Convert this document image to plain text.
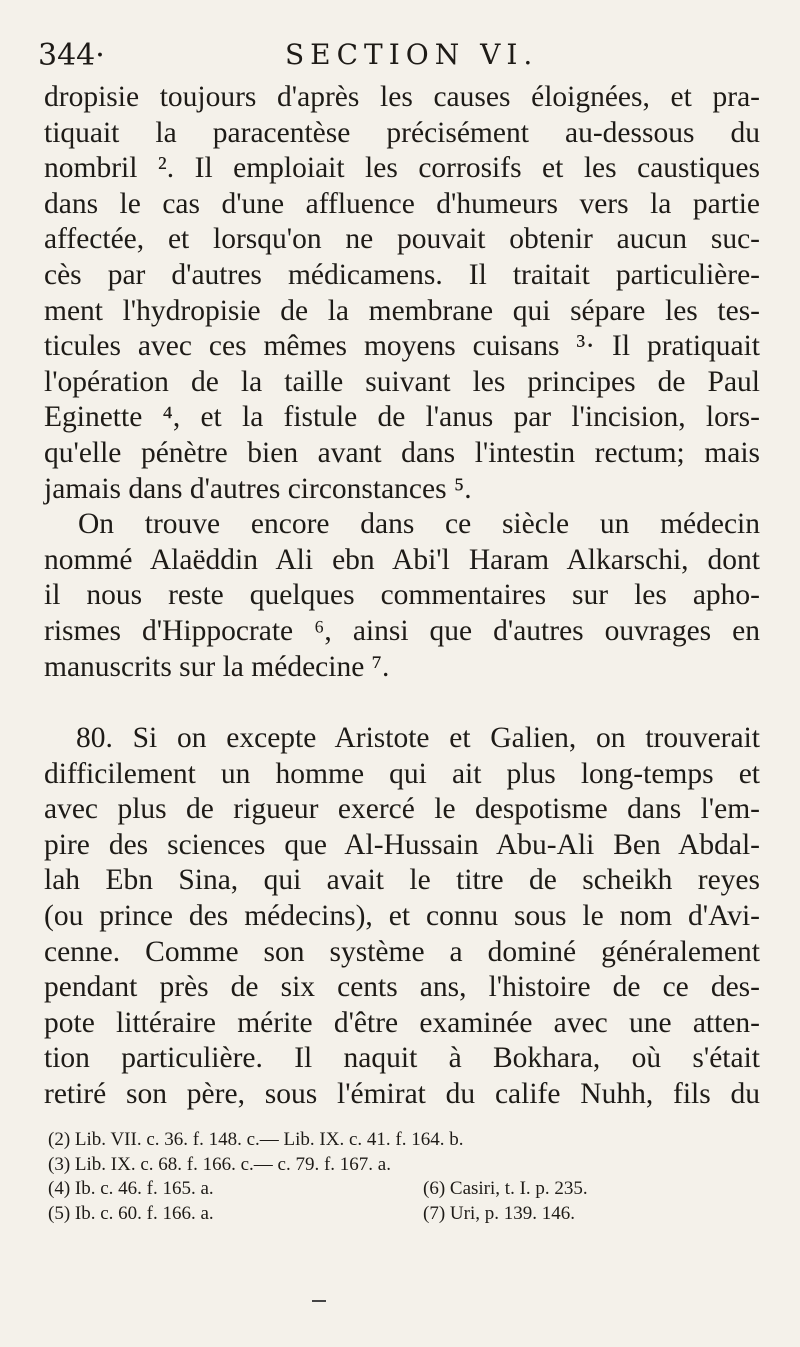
344·	SECTION VI.
dropisie toujours d'après les causes éloignées, et pra-
tiquait la paracentèse précisément au-dessous du
nombril ². Il emploiait les corrosifs et les caustiques
dans le cas d'une affluence d'humeurs vers la partie
affectée, et lorsqu'on ne pouvait obtenir aucun suc-
cès par d'autres médicamens. Il traitait particulière-
ment l'hydropisie de la membrane qui sépare les tes-
ticules avec ces mêmes moyens cuisans ³· Il pratiquait
l'opération de la taille suivant les principes de Paul
Eginette ⁴, et la fistule de l'anus par l'incision, lors-
qu'elle pénètre bien avant dans l'intestin rectum; mais
jamais dans d'autres circonstances ⁵.
On trouve encore dans ce siècle un médecin
nommé Alaëddin Ali ebn Abi'l Haram Alkarschi, dont
il nous reste quelques commentaires sur les apho-
rismes d'Hippocrate ⁶, ainsi que d'autres ouvrages en
manuscrits sur la médecine ⁷.
80. Si on excepte Aristote et Galien, on trouverait
difficilement un homme qui ait plus long-temps et
avec plus de rigueur exercé le despotisme dans l'em-
pire des sciences que Al-Hussain Abu-Ali Ben Abdal-
lah Ebn Sina, qui avait le titre de scheikh reyes
(ou prince des médecins), et connu sous le nom d'Avi-
cenne. Comme son système a dominé généralement
pendant près de six cents ans, l'histoire de ce des-
pote littéraire mérite d'être examinée avec une atten-
tion particulière. Il naquit à Bokhara, où s'était
retiré son père, sous l'émirat du calife Nuhh, fils du
(2) Lib. VII. c. 36. f. 148. c.— Lib. IX. c. 41. f. 164. b.
(3) Lib. IX. c. 68. f. 166. c.— c. 79. f. 167. a.
(4) Ib. c. 46. f. 165. a.	(6) Casiri, t. I. p. 235.
(5) Ib. c. 60. f. 166. a.	(7) Uri, p. 139. 146.
